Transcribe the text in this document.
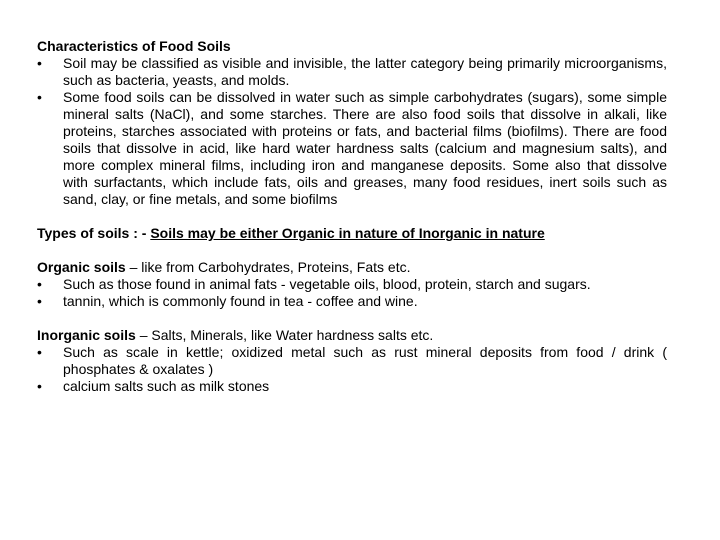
Characteristics of Food Soils
•	Soil may be classified as visible and invisible, the latter category being primarily microorganisms, such as bacteria, yeasts, and molds.
•	Some food soils can be dissolved in water such as simple carbohydrates (sugars), some simple mineral salts (NaCl), and some starches. There are also food soils that dissolve in alkali, like proteins, starches associated with proteins or fats, and bacterial films (biofilms). There are food soils that dissolve in acid, like hard water hardness salts (calcium and magnesium salts), and more complex mineral films, including iron and manganese deposits. Some also that dissolve with surfactants, which include fats, oils and greases, many food residues, inert soils such as sand, clay, or fine metals, and some biofilms
Types of soils : - Soils may be either Organic in nature of Inorganic in nature
Organic soils – like from Carbohydrates, Proteins, Fats etc.
•	Such as those found in animal fats - vegetable oils, blood, protein, starch and sugars.
•	tannin, which is commonly found in tea - coffee and wine.
Inorganic soils – Salts, Minerals, like Water hardness salts etc.
•	Such as scale in kettle; oxidized metal such as rust mineral deposits from food / drink ( phosphates & oxalates )
•	calcium salts such as milk stones
